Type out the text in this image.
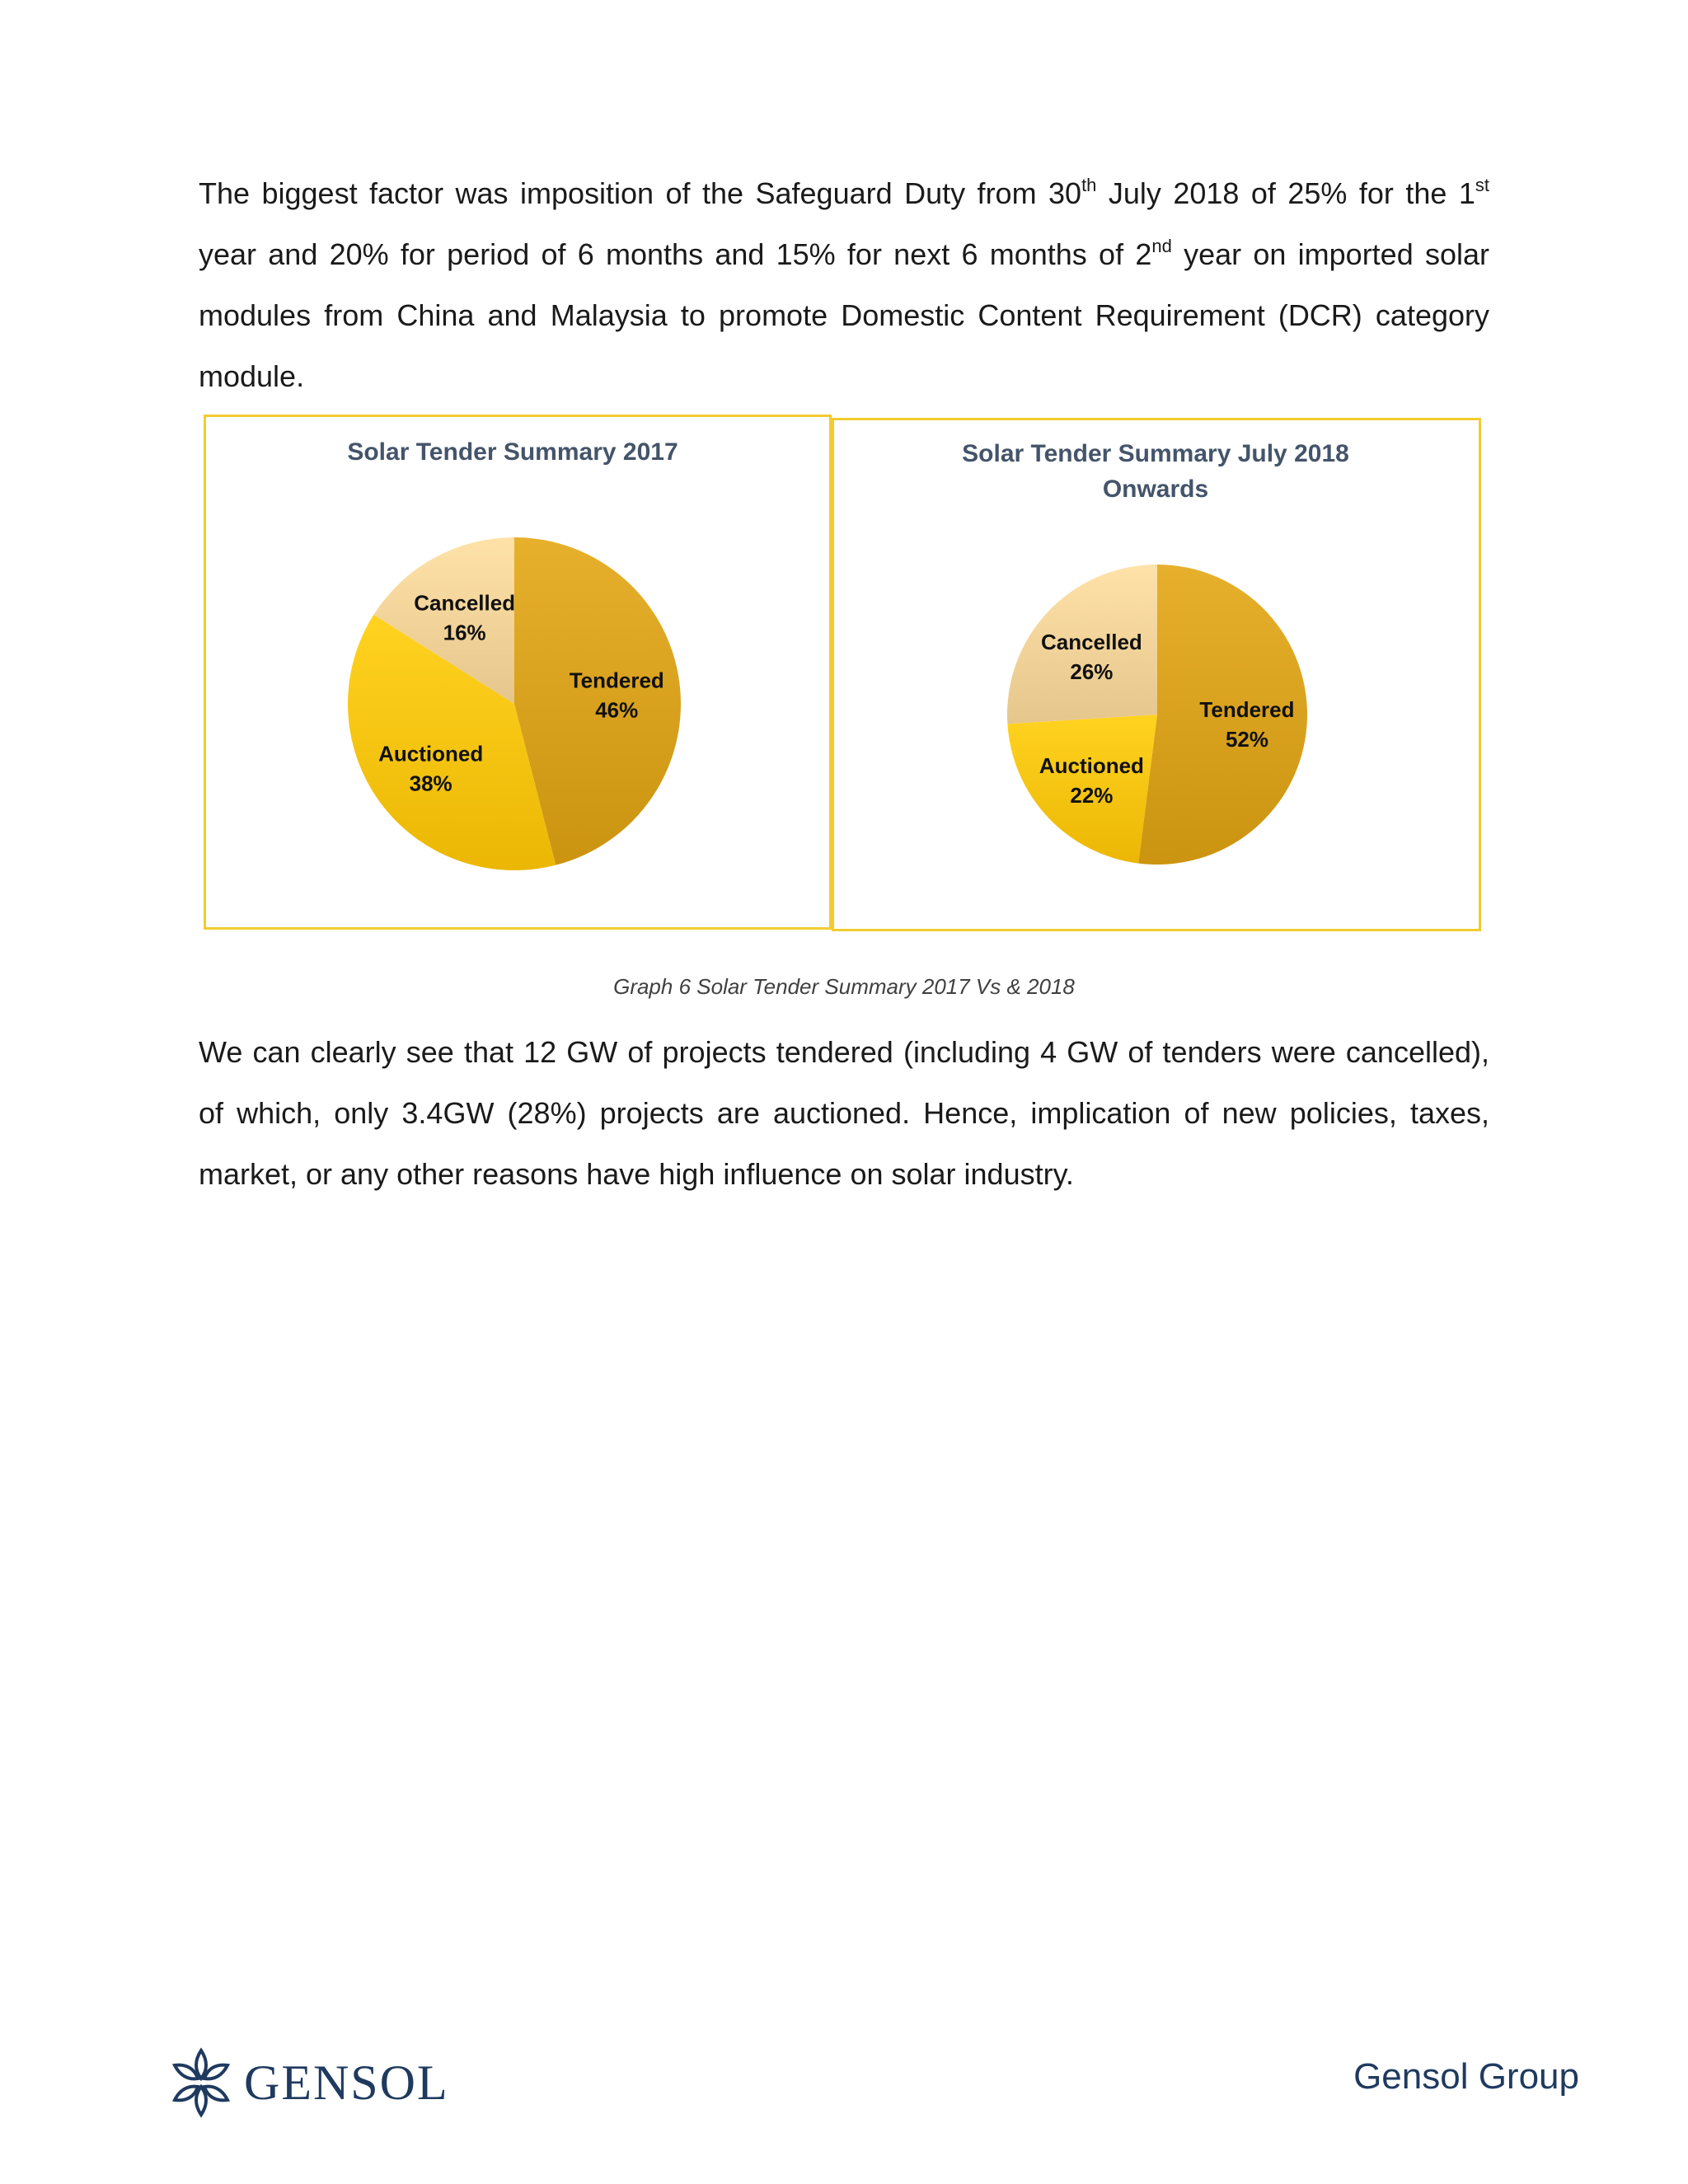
The biggest factor was imposition of the Safeguard Duty from 30th July 2018 of 25% for the 1st year and 20% for period of 6 months and 15% for next 6 months of 2nd year on imported solar modules from China and Malaysia to promote Domestic Content Requirement (DCR) category module.

Solar Tender Summary 2017
Tendered
46%
Auctioned
38%
Cancelled
16%
Solar Tender Summary July 2018
Onwards
Tendered
52%
Auctioned
22%
Cancelled
26%
Graph 6 Solar Tender Summary 2017 Vs & 2018

We can clearly see that 12 GW of projects tendered (including 4 GW of tenders were cancelled), of which, only 3.4GW (28%) projects are auctioned. Hence, implication of new policies, taxes, market, or any other reasons have high influence on solar industry.

GENSOL	Gensol Group
